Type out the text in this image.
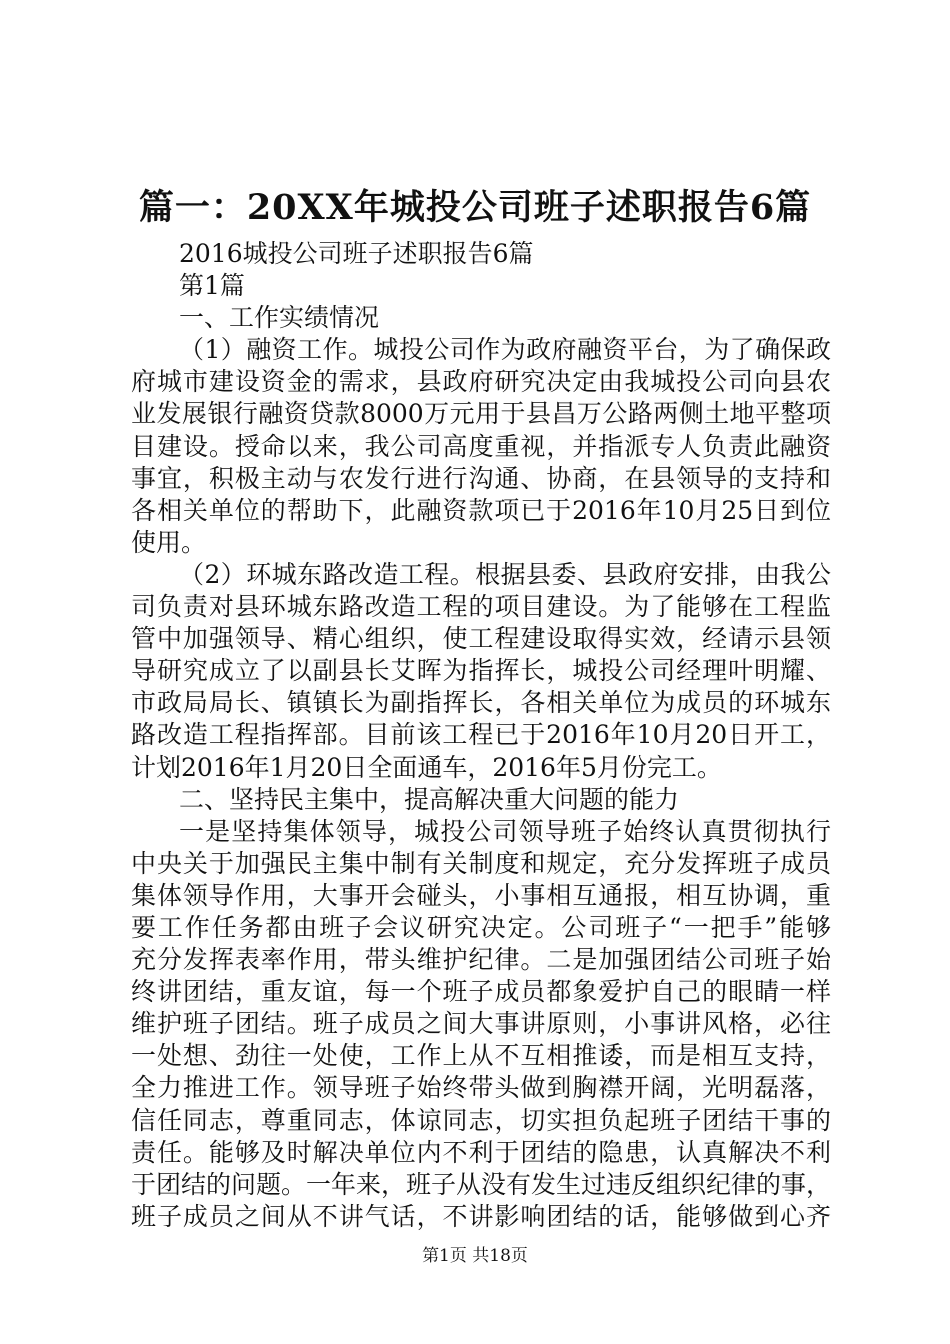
篇一：20XX年城投公司班子述职报告6篇
2016城投公司班子述职报告6篇
第1篇
一、工作实绩情况
（1）融资工作。城投公司作为政府融资平台，为了确保政
府城市建设资金的需求，县政府研究决定由我城投公司向县农
业发展银行融资贷款8000万元用于县昌万公路两侧土地平整项
目建设。授命以来，我公司高度重视，并指派专人负责此融资
事宜，积极主动与农发行进行沟通、协商，在县领导的支持和
各相关单位的帮助下，此融资款项已于2016年10月25日到位
使用。
（2）环城东路改造工程。根据县委、县政府安排，由我公
司负责对县环城东路改造工程的项目建设。为了能够在工程监
管中加强领导、精心组织，使工程建设取得实效，经请示县领
导研究成立了以副县长艾晖为指挥长，城投公司经理叶明耀、
市政局局长、镇镇长为副指挥长，各相关单位为成员的环城东
路改造工程指挥部。目前该工程已于2016年10月20日开工，
计划2016年1月20日全面通车，2016年5月份完工。
二、坚持民主集中，提高解决重大问题的能力
一是坚持集体领导，城投公司领导班子始终认真贯彻执行
中央关于加强民主集中制有关制度和规定，充分发挥班子成员
集体领导作用，大事开会碰头，小事相互通报，相互协调，重
要工作任务都由班子会议研究决定。公司班子“一把手”能够
充分发挥表率作用，带头维护纪律。二是加强团结公司班子始
终讲团结，重友谊，每一个班子成员都象爱护自己的眼睛一样
维护班子团结。班子成员之间大事讲原则，小事讲风格，必往
一处想、劲往一处使，工作上从不互相推诿，而是相互支持，
全力推进工作。领导班子始终带头做到胸襟开阔，光明磊落，
信任同志，尊重同志，体谅同志，切实担负起班子团结干事的
责任。能够及时解决单位内不利于团结的隐患，认真解决不利
于团结的问题。一年来，班子从没有发生过违反组织纪律的事，
班子成员之间从不讲气话，不讲影响团结的话，能够做到心齐
第1页 共18页
